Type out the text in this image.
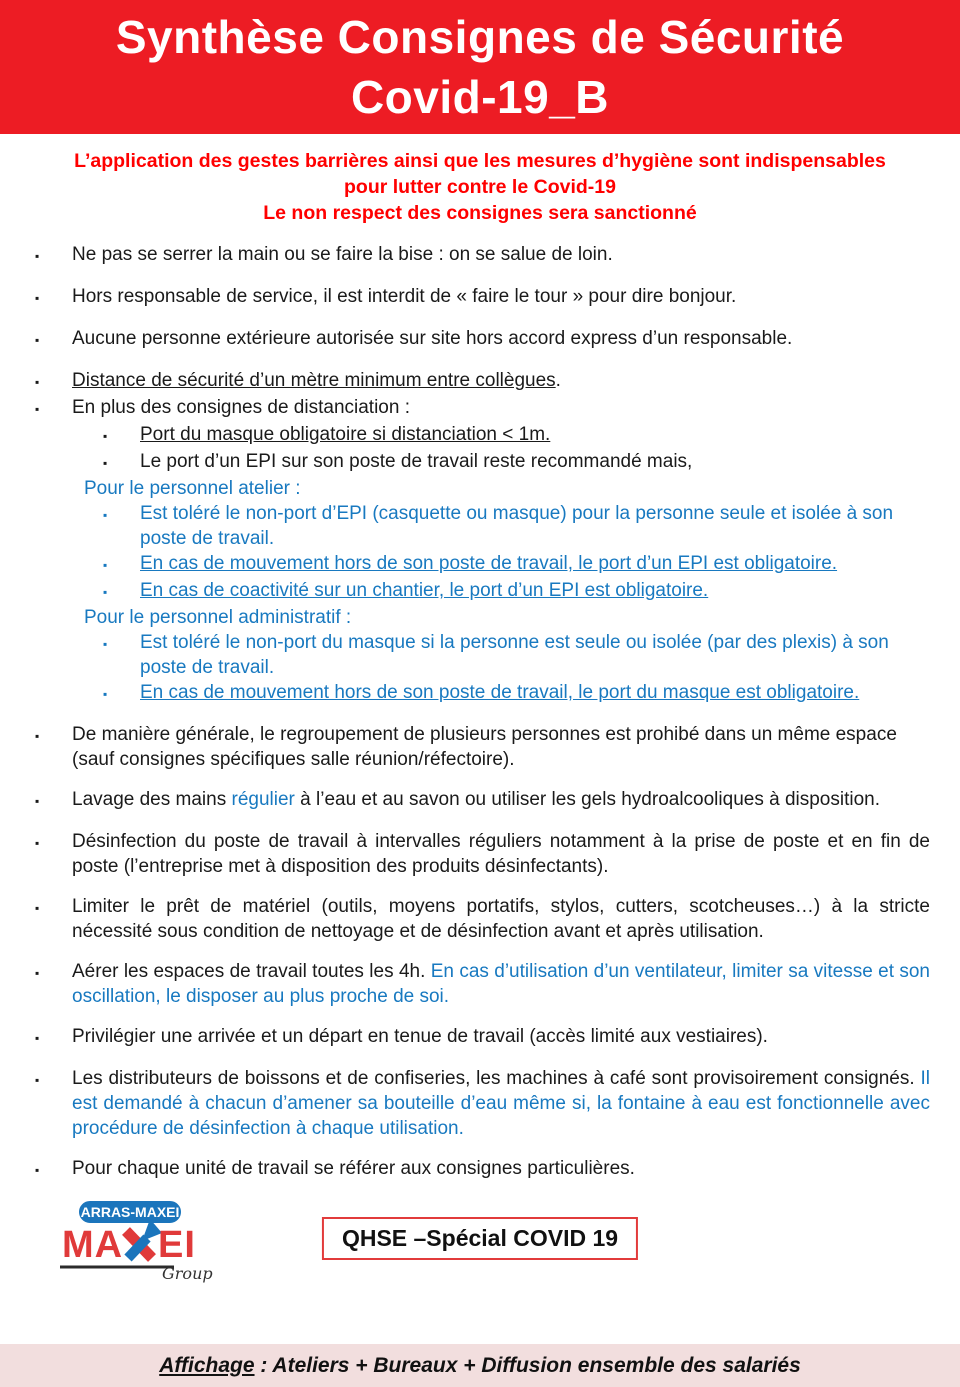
Synthèse Consignes de Sécurité
Covid-19_B
L’application des gestes barrières ainsi que les mesures d’hygiène sont indispensables
pour lutter contre le Covid-19
Le non respect des consignes sera sanctionné
▪	Ne pas se serrer la main ou se faire la bise : on se salue de loin.
▪	Hors responsable de service, il est interdit de « faire le tour » pour dire bonjour.
▪	Aucune personne extérieure autorisée sur site hors accord express d’un responsable.
▪	Distance de sécurité d’un mètre minimum entre collègues.
▪	En plus des consignes de distanciation :
▪	Port du masque obligatoire si distanciation < 1m.
▪	Le port d’un EPI sur son poste de travail reste recommandé mais,
Pour le personnel atelier :
▪	Est toléré le non-port d’EPI (casquette ou masque) pour la personne seule et isolée à son poste de travail.
▪	En cas de mouvement hors de son poste de travail, le port d’un EPI est obligatoire.
▪	En cas de coactivité sur un chantier, le port d’un EPI est obligatoire.
Pour le personnel administratif :
▪	Est toléré le non-port du masque si la personne est seule ou isolée (par des plexis) à son poste de travail.
▪	En cas de mouvement hors de son poste de travail, le port du masque est obligatoire.
▪	De manière générale, le regroupement de plusieurs personnes est prohibé dans un même espace (sauf consignes spécifiques salle réunion/réfectoire).
▪	Lavage des mains régulier à l’eau et au savon ou utiliser les gels hydroalcooliques à disposition.
▪	Désinfection du poste de travail à intervalles réguliers notamment à la prise de poste et en fin de poste (l’entreprise met à disposition des produits désinfectants).
▪	Limiter le prêt de matériel (outils, moyens portatifs, stylos, cutters, scotcheuses…) à la stricte nécessité sous condition de nettoyage et de désinfection avant et après utilisation.
▪	Aérer les espaces de travail toutes les 4h. En cas d’utilisation d’un ventilateur, limiter sa vitesse et son oscillation, le disposer au plus proche de soi.
▪	Privilégier une arrivée et un départ en tenue de travail (accès limité aux vestiaires).
▪	Les distributeurs de boissons et de confiseries, les machines à café sont provisoirement consignés. Il est demandé à chacun d’amener sa bouteille d’eau même si, la fontaine à eau est fonctionnelle avec procédure de désinfection à chaque utilisation.
▪	Pour chaque unité de travail se référer aux consignes particulières.
ARRAS-MAXEI
MA EI
Group
QHSE –Spécial COVID 19
Affichage : Ateliers + Bureaux + Diffusion ensemble des salariés
